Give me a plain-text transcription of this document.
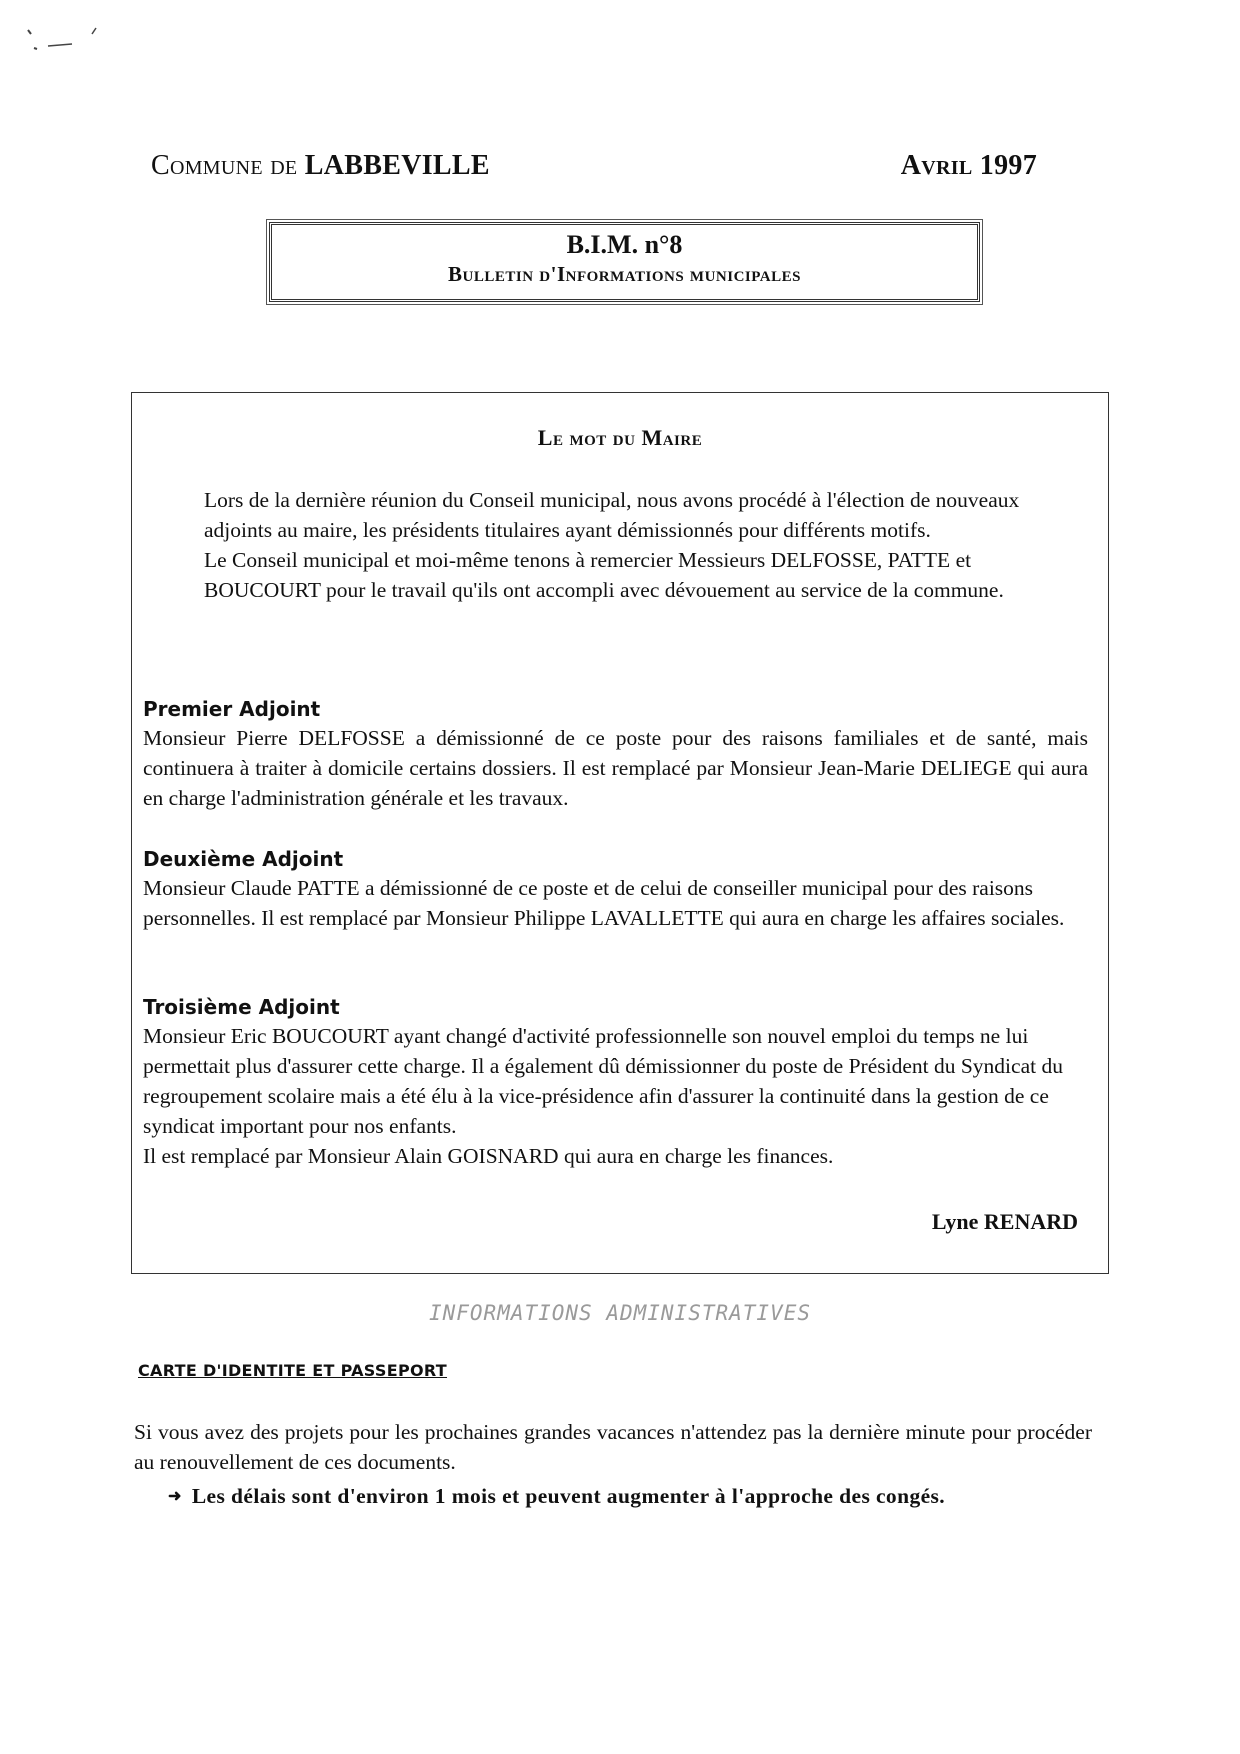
Commune de LABBEVILLE	Avril 1997
B.I.M. n°8
Bulletin d'Informations municipales
Le mot du Maire

Lors de la dernière réunion du Conseil municipal, nous avons procédé à l'élection de nouveaux adjoints au maire, les présidents titulaires ayant démissionnés pour différents motifs.

Le Conseil municipal et moi-même tenons à remercier Messieurs DELFOSSE, PATTE et BOUCOURT pour le travail qu'ils ont accompli avec dévouement au service de la commune.

Premier Adjoint

Monsieur Pierre DELFOSSE a démissionné de ce poste pour des raisons familiales et de santé, mais continuera à traiter à domicile certains dossiers. Il est remplacé par Monsieur Jean-Marie DELIEGE qui aura en charge l'administration générale et les travaux.

Deuxième Adjoint

Monsieur Claude PATTE a démissionné de ce poste et de celui de conseiller municipal pour des raisons personnelles. Il est remplacé par Monsieur Philippe LAVALLETTE qui aura en charge les affaires sociales.

Troisième Adjoint

Monsieur Eric BOUCOURT ayant changé d'activité professionnelle son nouvel emploi du temps ne lui permettait plus d'assurer cette charge. Il a également dû démissionner du poste de Président du Syndicat du regroupement scolaire mais a été élu à la vice-présidence afin d'assurer la continuité dans la gestion de ce syndicat important pour nos enfants.

Il est remplacé par Monsieur Alain GOISNARD qui aura en charge les finances.

Lyne RENARD
INFORMATIONS ADMINISTRATIVES
CARTE D'IDENTITE ET PASSEPORT

Si vous avez des projets pour les prochaines grandes vacances n'attendez pas la dernière minute pour procéder au renouvellement de ces documents.

➜ Les délais sont d'environ 1 mois et peuvent augmenter à l'approche des congés.
